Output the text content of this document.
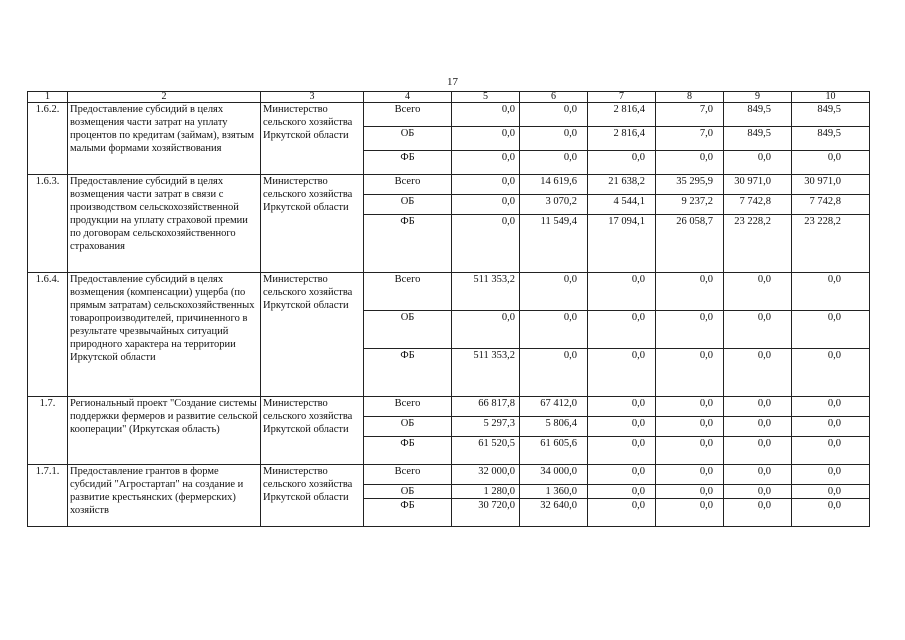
17
1	2	3	4	5	6	7	8	9	10
1.6.2.	Предоставление субсидий в целях возмещения части затрат на уплату процентов по кредитам (займам), взятым малыми формами хозяйствования	Министерство сельского хозяйства Иркутской области	Всего	0,0	0,0	2 816,4	7,0	849,5	849,5
			ОБ	0,0	0,0	2 816,4	7,0	849,5	849,5
			ФБ	0,0	0,0	0,0	0,0	0,0	0,0
1.6.3.	Предоставление субсидий в целях возмещения части затрат в связи с производством сельскохозяйственной продукции на уплату страховой премии по договорам сельскохозяйственного страхования	Министерство сельского хозяйства Иркутской области	Всего	0,0	14 619,6	21 638,2	35 295,9	30 971,0	30 971,0
			ОБ	0,0	3 070,2	4 544,1	9 237,2	7 742,8	7 742,8
			ФБ	0,0	11 549,4	17 094,1	26 058,7	23 228,2	23 228,2
1.6.4.	Предоставление субсидий в целях возмещения (компенсации) ущерба (по прямым затратам) сельскохозяйственных товаропроизводителей, причиненного в результате чрезвычайных ситуаций природного характера на территории Иркутской области	Министерство сельского хозяйства Иркутской области	Всего	511 353,2	0,0	0,0	0,0	0,0	0,0
			ОБ	0,0	0,0	0,0	0,0	0,0	0,0
			ФБ	511 353,2	0,0	0,0	0,0	0,0	0,0
1.7.	Региональный проект "Создание системы поддержки фермеров и развитие сельской кооперации" (Иркутская область)	Министерство сельского хозяйства Иркутской области	Всего	66 817,8	67 412,0	0,0	0,0	0,0	0,0
			ОБ	5 297,3	5 806,4	0,0	0,0	0,0	0,0
			ФБ	61 520,5	61 605,6	0,0	0,0	0,0	0,0
1.7.1.	Предоставление грантов в форме субсидий "Агростартап" на создание и развитие крестьянских (фермерских) хозяйств	Министерство сельского хозяйства Иркутской области	Всего	32 000,0	34 000,0	0,0	0,0	0,0	0,0
			ОБ	1 280,0	1 360,0	0,0	0,0	0,0	0,0
			ФБ	30 720,0	32 640,0	0,0	0,0	0,0	0,0
